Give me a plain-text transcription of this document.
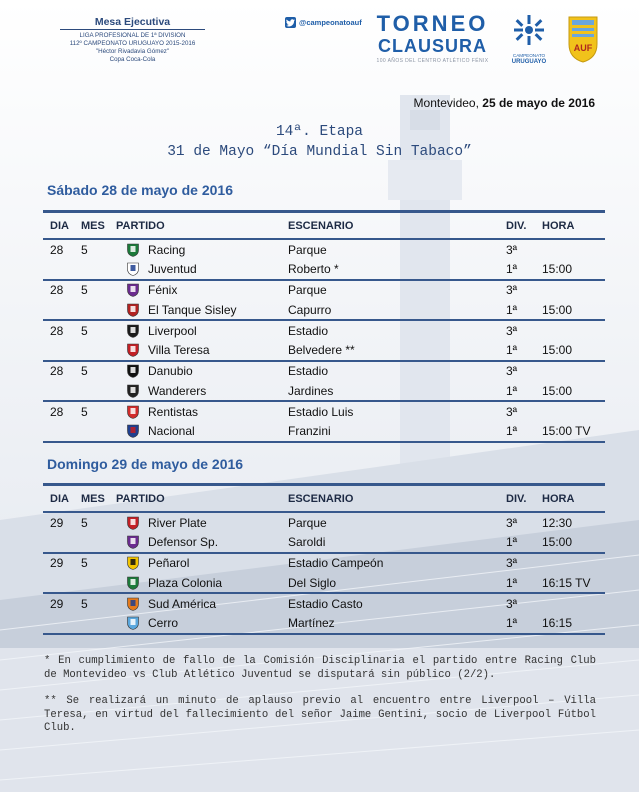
Mesa Ejecutiva
LIGA PROFESIONAL DE 1ª DIVISION
112º CAMPEONATO URUGUAYO 2015-2016
"Héctor Rivadavia Gómez"
Copa Coca-Cola
@campeonatoauf TORNEO
CLAUSURA
100 AÑOS DEL CENTRO ATLÉTICO FÉNIX
CAMPEONATO
URUGUAYO
AUF
Montevideo, 25 de mayo de 2016
14ª. Etapa
31 de Mayo “Día Mundial Sin Tabaco”
Sábado 28 de mayo de 2016
DIA	MES	PARTIDO	ESCENARIO	DIV.	HORA
28	5	Racing	Parque	3ª	

		Juventud	Roberto *	1ª	15:00
28	5	Fénix	Parque	3ª	

		El Tanque Sisley	Capurro	1ª	15:00
28	5	Liverpool	Estadio	3ª	

		Villa Teresa	Belvedere **	1ª	15:00
28	5	Danubio	Estadio	3ª	

		Wanderers	Jardines	1ª	15:00
28	5	Rentistas	Estadio Luis	3ª	

		Nacional	Franzini	1ª	15:00 TV
Domingo 29 de mayo de 2016
DIA	MES	PARTIDO	ESCENARIO	DIV.	HORA
29	5	River Plate	Parque	3ª	12:30

		Defensor Sp.	Saroldi	1ª	15:00
29	5	Peñarol	Estadio Campeón	3ª	

		Plaza Colonia	Del Siglo	1ª	16:15 TV
29	5	Sud América	Estadio Casto	3ª	

		Cerro	Martínez	1ª	16:15

* En cumplimiento de fallo de la Comisión Disciplinaria el partido entre Racing Club de Montevideo vs Club Atlético Juventud se disputará sin público (2/2).

** Se realizará un minuto de aplauso previo al encuentro entre Liverpool – Villa Teresa, en virtud del fallecimiento del señor Jaime Gentini, socio de Liverpool Fútbol Club.
